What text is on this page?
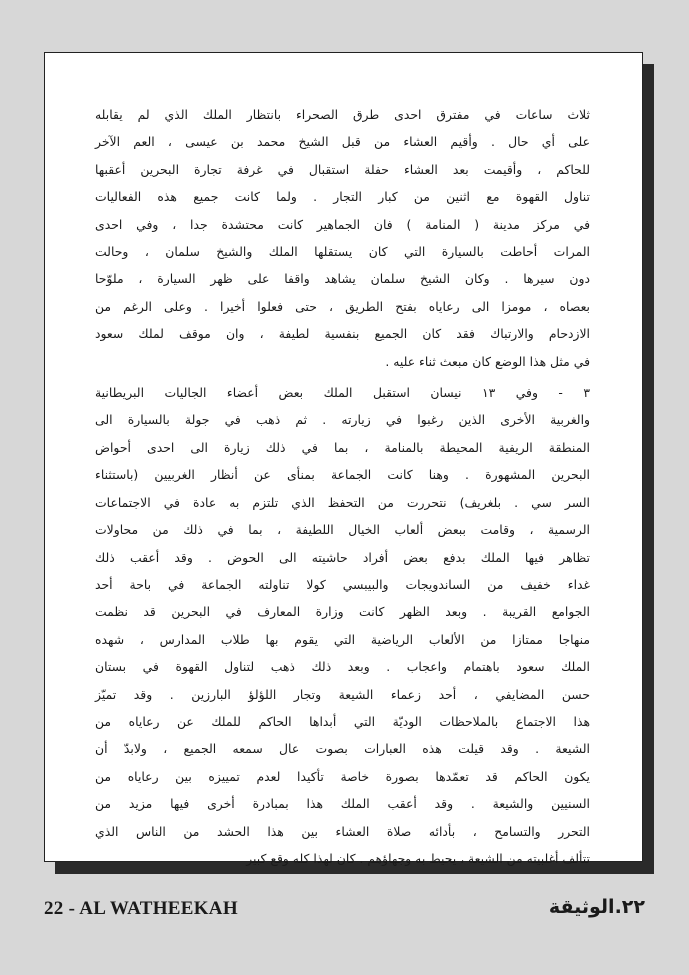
ثلاث ساعات في مفترق احدى طرق الصحراء بانتظار الملك الذي لم يقابله
على أي حال . وأقيم العشاء من قبل الشيخ محمد بن عيسى ، العم الآخر
للحاكم ، وأقيمت بعد العشاء حفلة استقبال في غرفة تجارة البحرين أعقبها
تناول القهوة مع اثنين من كبار التجار . ولما كانت جميع هذه الفعاليات
في مركز مدينة ( المنامة ) فان الجماهير كانت محتشدة جدا ، وفي احدى
المرات أحاطت بالسيارة التي كان يستقلها الملك والشيخ سلمان ، وحالت
دون سيرها . وكان الشيخ سلمان يشاهد واقفا على ظهر السيارة ، ملوّحا
بعصاه ، مومزا الى رعاياه بفتح الطريق ، حتى فعلوا أخيرا . وعلى الرغم من
الازدحام والارتباك فقد كان الجميع بنفسية لطيفة ، وان موقف لملك سعود
في مثل هذا الوضع كان مبعث ثناء عليه .
٣ - وفي ١٣ نيسان استقبل الملك بعض أعضاء الجاليات البريطانية
والغربية الأخرى الذين رغبوا في زيارته . ثم ذهب في جولة بالسيارة الى
المنطقة الريفية المحيطة بالمنامة ، بما في ذلك زيارة الى احدى أحواض
البحرين المشهورة . وهنا كانت الجماعة بمنأى عن أنظار الغربيين (باستثناء
السر سي . بلغريف) نتحررت من التحفظ الذي تلتزم به عادة في الاجتماعات
الرسمية ، وقامت ببعض ألعاب الخيال اللطيفة ، بما في ذلك من محاولات
تظاهر فيها الملك بدفع بعض أفراد حاشيته الى الحوض . وقد أعقب ذلك
غداء خفيف من الساندويجات والبيبسي كولا تناولته الجماعة في باحة أحد
الجوامع القريبة . وبعد الظهر كانت وزارة المعارف في البحرين قد نظمت
منهاجا ممتازا من الألعاب الرياضية التي يقوم بها طلاب المدارس ، شهده
الملك سعود باهتمام واعجاب . وبعد ذلك ذهب لتناول القهوة في بستان
حسن المضايفي ، أحد زعماء الشيعة وتجار اللؤلؤ البارزين . وقد تميّز
هذا الاجتماع بالملاحظات الوديّة التي أبداها الحاكم للملك عن رعاياه من
الشيعة . وقد قيلت هذه العبارات بصوت عال سمعه الجميع ، ولابدّ أن
يكون الحاكم قد تعمّدها بصورة خاصة تأكيدا لعدم تمييزه بين رعاياه من
السنيين والشيعة . وقد أعقب الملك هذا بمبادرة أخرى فيها مزيد من
التحرر والتسامح ، بأدائه صلاة العشاء بين هذا الحشد من الناس الذي
تتألف أغلبيته من الشيعة ، يحيط به وجهاؤهم . كان لهذا كله وقع كبير
22 - AL WATHEEKAH	٢٢.الوثيقة
